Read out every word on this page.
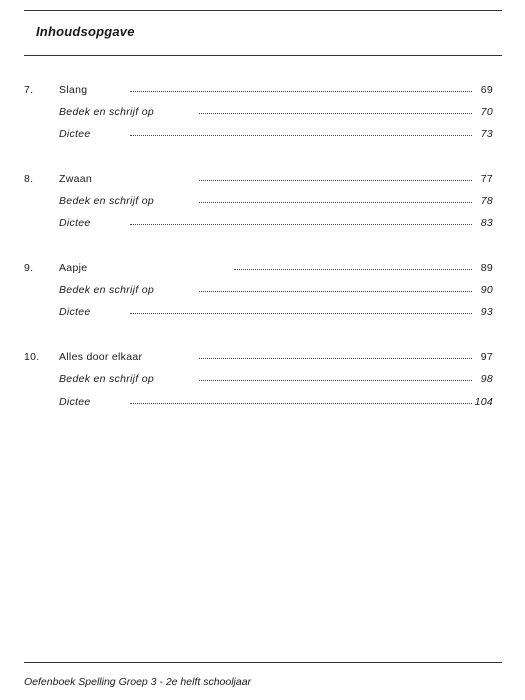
Inhoudsopgave
7. Slang	69
Bedek en schrijf op	70
Dictee	73
8. Zwaan	77
Bedek en schrijf op	78
Dictee	83
9. Aapje	89
Bedek en schrijf op	90
Dictee	93
10. Alles door elkaar	97
Bedek en schrijf op	98
Dictee	104
Oefenboek Spelling Groep 3 - 2e helft schooljaar
